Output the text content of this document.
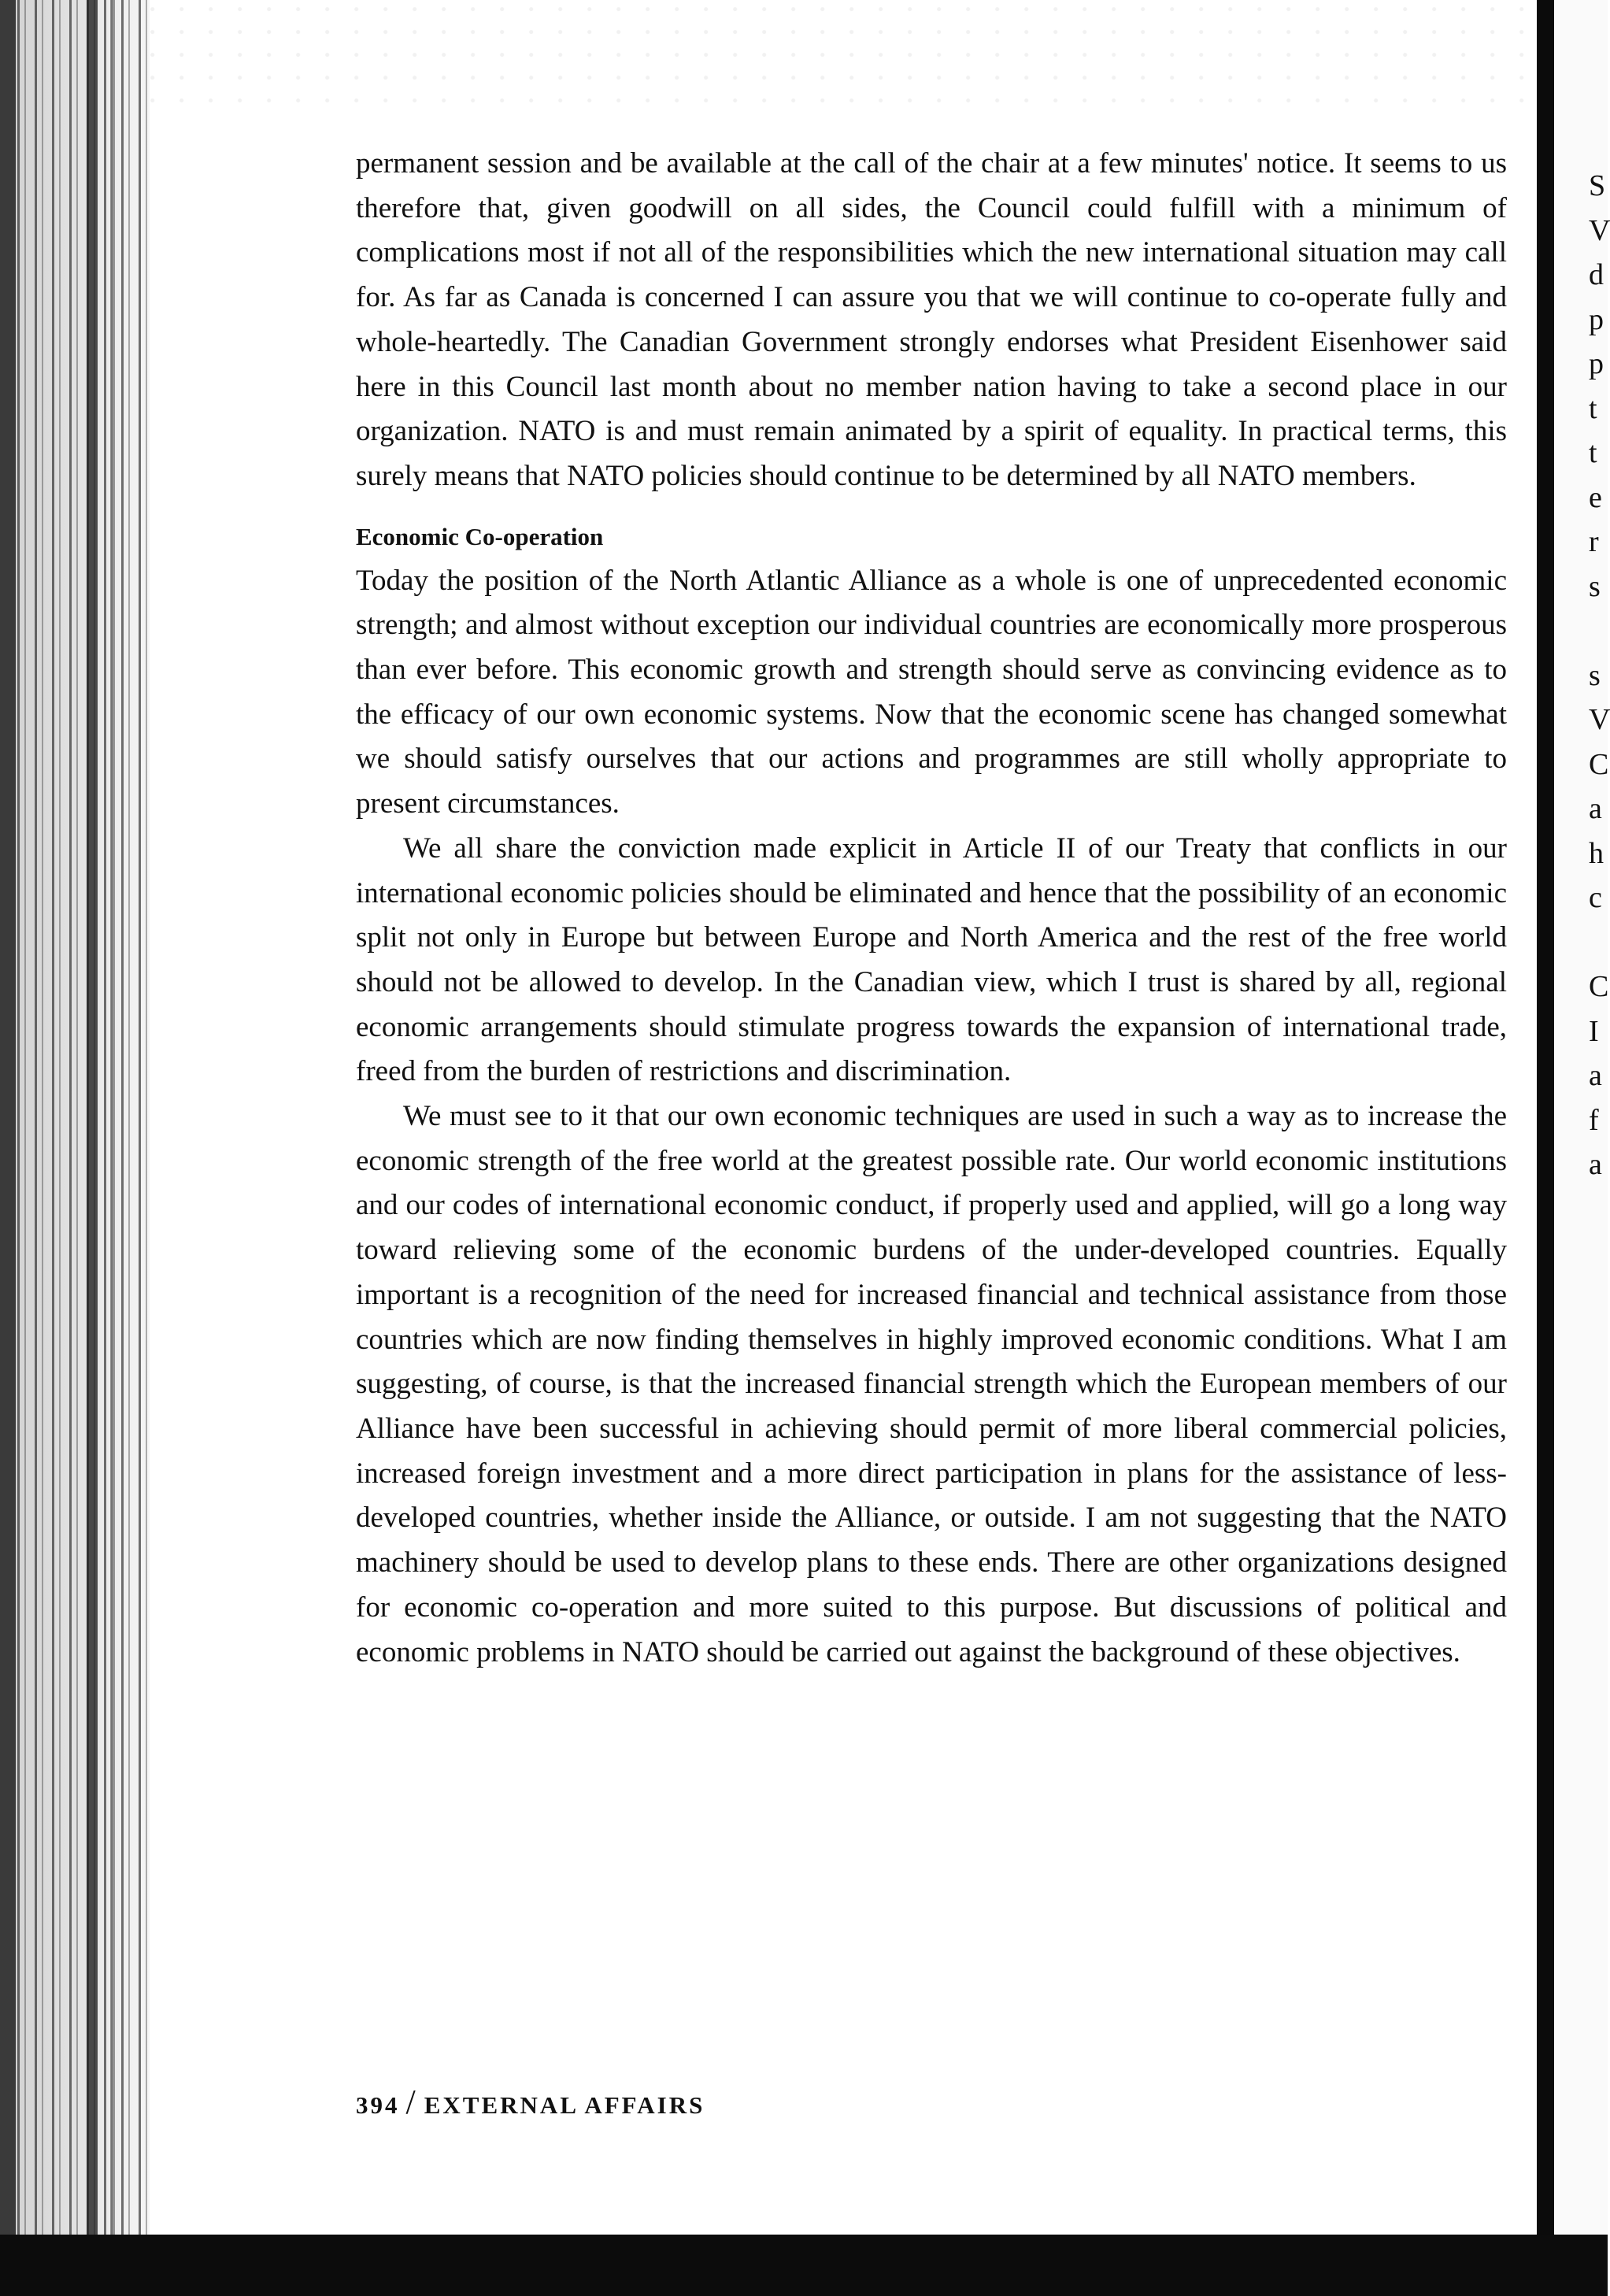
S
V
d
p
p
t
t
e
r
s
s
V
C
a
h
c
C
I
a
f
a

permanent session and be available at the call of the chair at a few minutes' notice. It seems to us therefore that, given goodwill on all sides, the Council could fulfill with a minimum of complications most if not all of the responsibilities which the new international situation may call for. As far as Canada is concerned I can assure you that we will continue to co-operate fully and whole-heartedly. The Canadian Government strongly endorses what President Eisenhower said here in this Council last month about no member nation having to take a second place in our organization. NATO is and must remain animated by a spirit of equality. In practical terms, this surely means that NATO policies should continue to be determined by all NATO members.

Economic Co-operation

Today the position of the North Atlantic Alliance as a whole is one of unprecedented economic strength; and almost without exception our individual countries are economically more prosperous than ever before. This economic growth and strength should serve as convincing evidence as to the efficacy of our own economic systems. Now that the economic scene has changed somewhat we should satisfy ourselves that our actions and programmes are still wholly appropriate to present circumstances.

We all share the conviction made explicit in Article II of our Treaty that conflicts in our international economic policies should be eliminated and hence that the possibility of an economic split not only in Europe but between Europe and North America and the rest of the free world should not be allowed to develop. In the Canadian view, which I trust is shared by all, regional economic arrangements should stimulate progress towards the expansion of international trade, freed from the burden of restrictions and discrimination.

We must see to it that our own economic techniques are used in such a way as to increase the economic strength of the free world at the greatest possible rate. Our world economic institutions and our codes of international economic conduct, if properly used and applied, will go a long way toward relieving some of the economic burdens of the under-developed countries. Equally important is a recognition of the need for increased financial and technical assistance from those countries which are now finding themselves in highly improved economic conditions. What I am suggesting, of course, is that the increased financial strength which the European members of our Alliance have been successful in achieving should permit of more liberal commercial policies, increased foreign investment and a more direct participation in plans for the assistance of less-developed countries, whether inside the Alliance, or outside. I am not suggesting that the NATO machinery should be used to develop plans to these ends. There are other organizations designed for economic co-operation and more suited to this purpose. But discussions of political and economic problems in NATO should be carried out against the background of these objectives.

394 / EXTERNAL AFFAIRS
